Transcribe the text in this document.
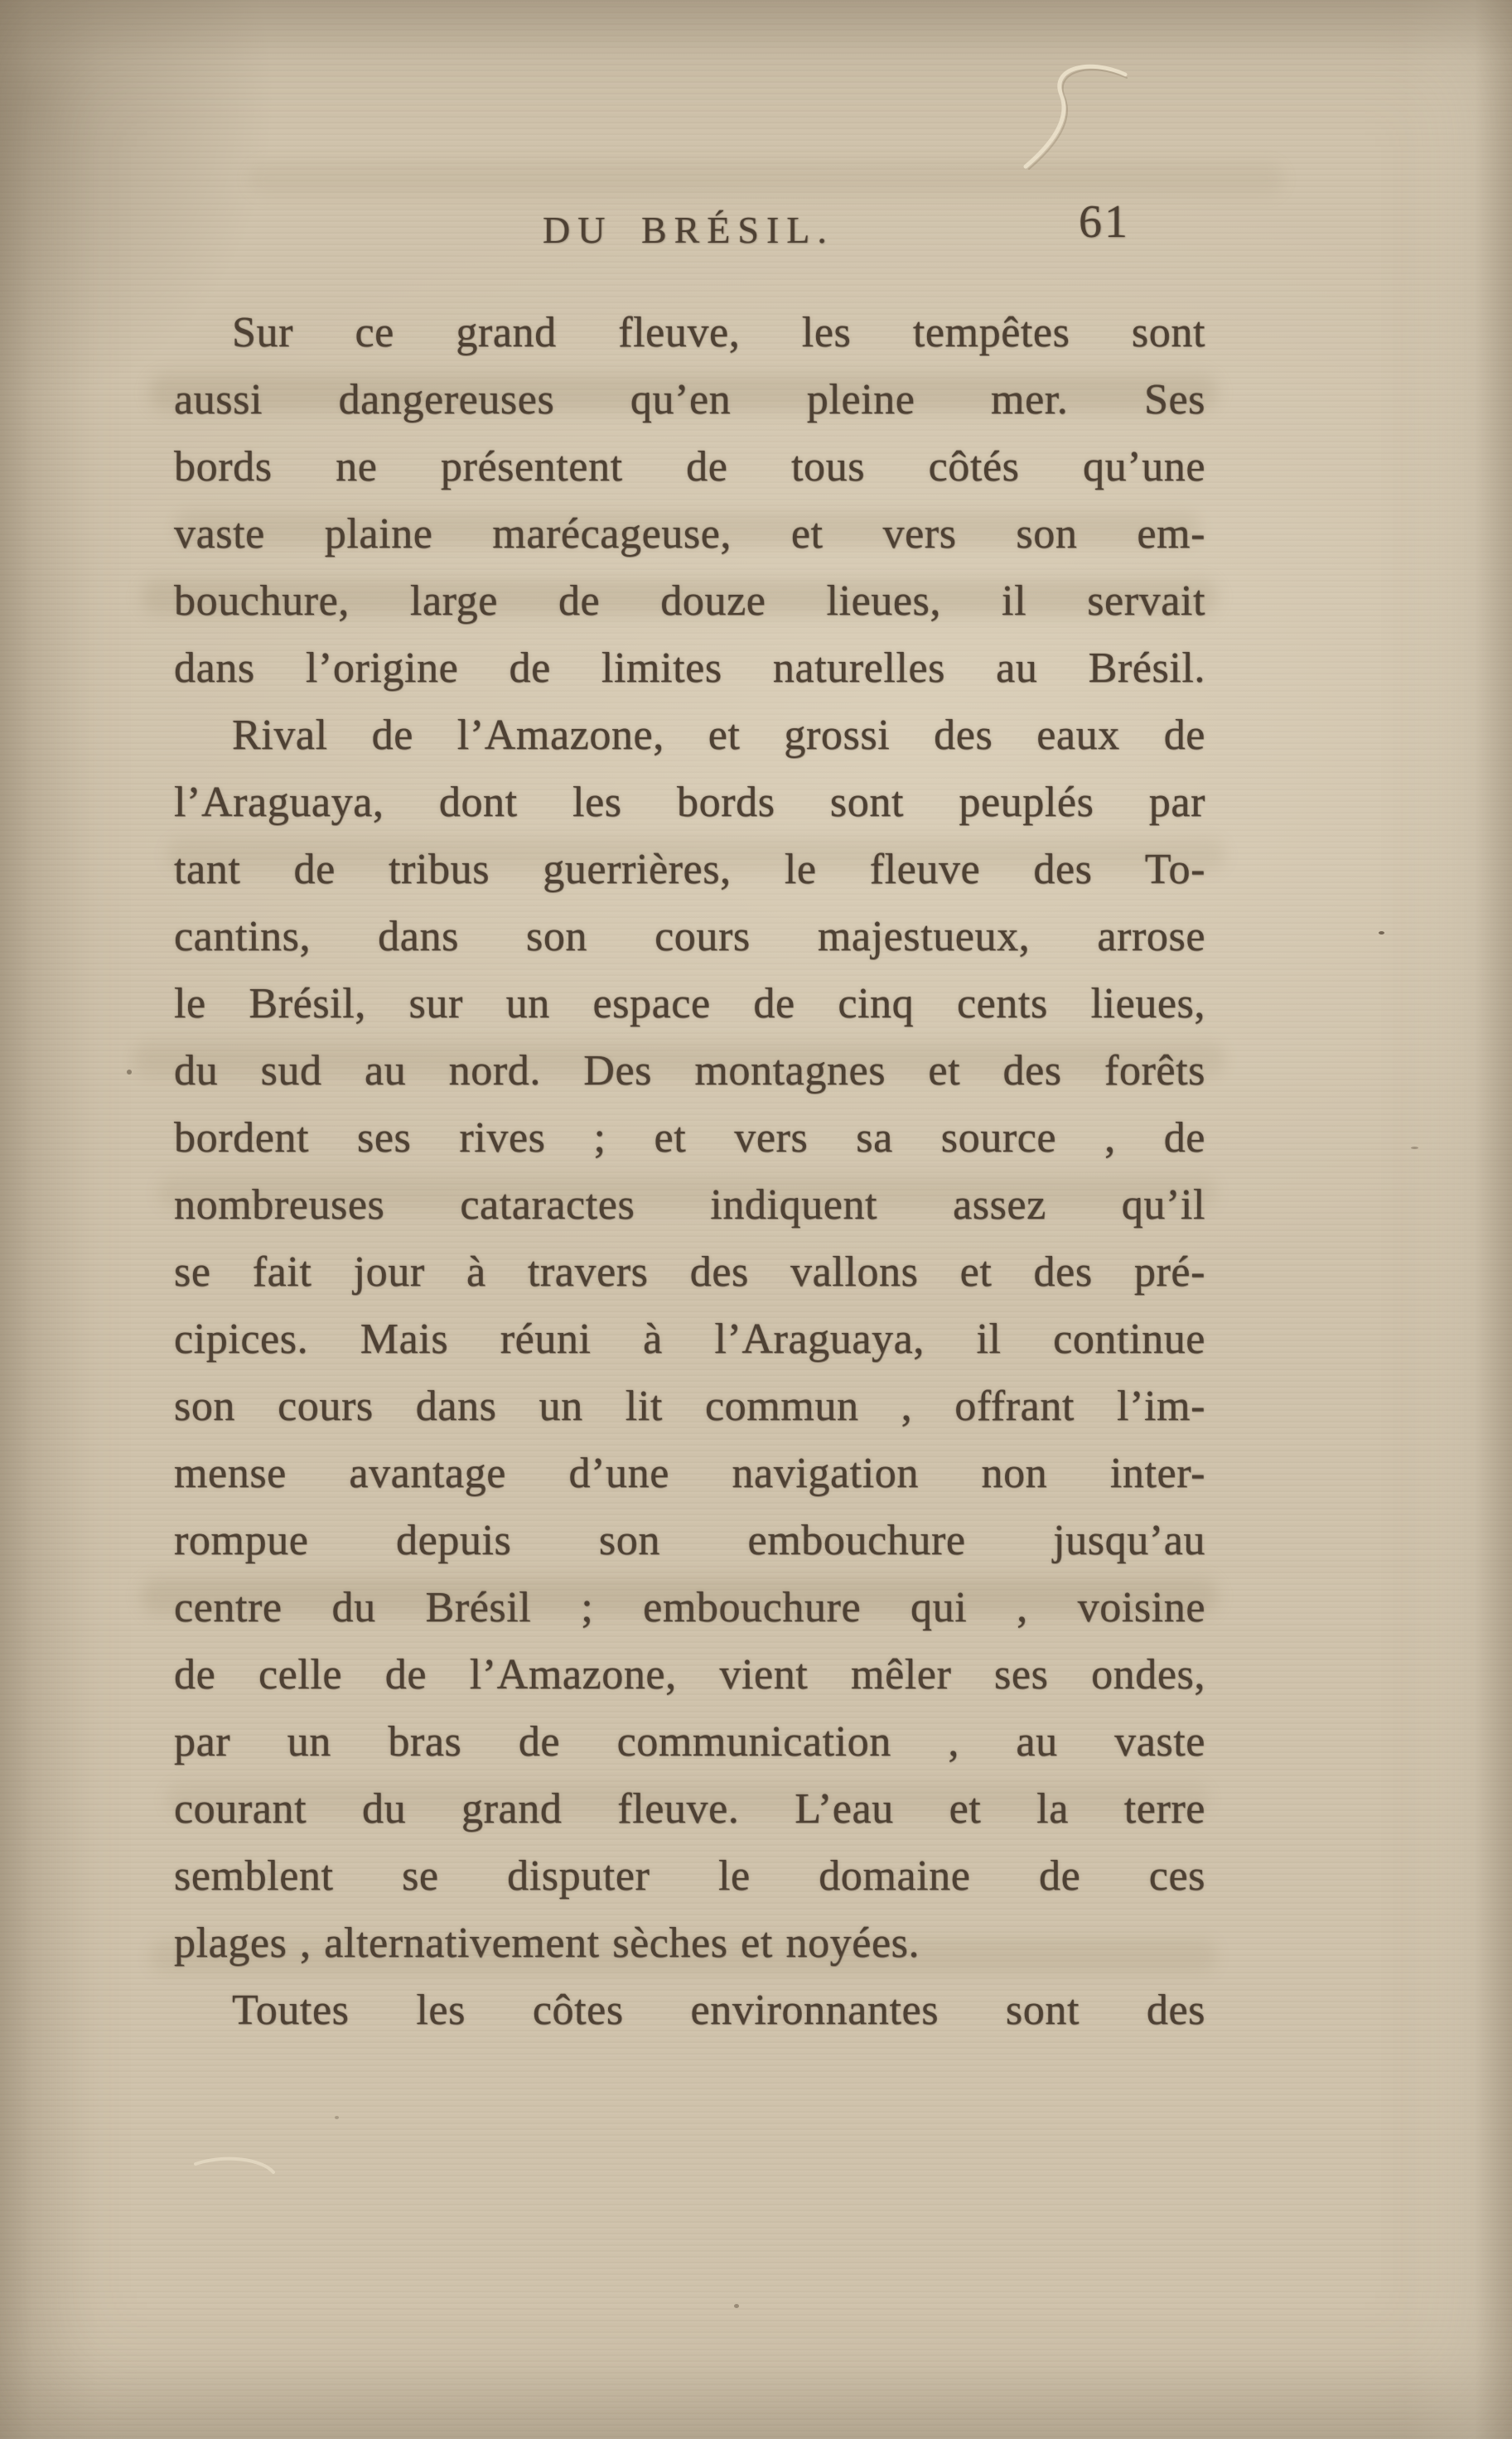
DU BRÉSIL.	61
Sur ce grand fleuve, les tempêtes sont
aussi dangereuses qu’en pleine mer. Ses
bords ne présentent de tous côtés qu’une
vaste plaine marécageuse, et vers son em-
bouchure, large de douze lieues, il servait
dans l’origine de limites naturelles au Brésil.
Rival de l’Amazone, et grossi des eaux de
l’Araguaya, dont les bords sont peuplés par
tant de tribus guerrières, le fleuve des To-
cantins, dans son cours majestueux, arrose
le Brésil, sur un espace de cinq cents lieues,
du sud au nord. Des montagnes et des forêts
bordent ses rives ; et vers sa source , de
nombreuses cataractes indiquent assez qu’il
se fait jour à travers des vallons et des pré-
cipices. Mais réuni à l’Araguaya, il continue
son cours dans un lit commun , offrant l’im-
mense avantage d’une navigation non inter-
rompue depuis son embouchure jusqu’au
centre du Brésil ; embouchure qui , voisine
de celle de l’Amazone, vient mêler ses ondes,
par un bras de communication , au vaste
courant du grand fleuve. L’eau et la terre
semblent se disputer le domaine de ces
plages , alternativement sèches et noyées.
Toutes les côtes environnantes sont des
